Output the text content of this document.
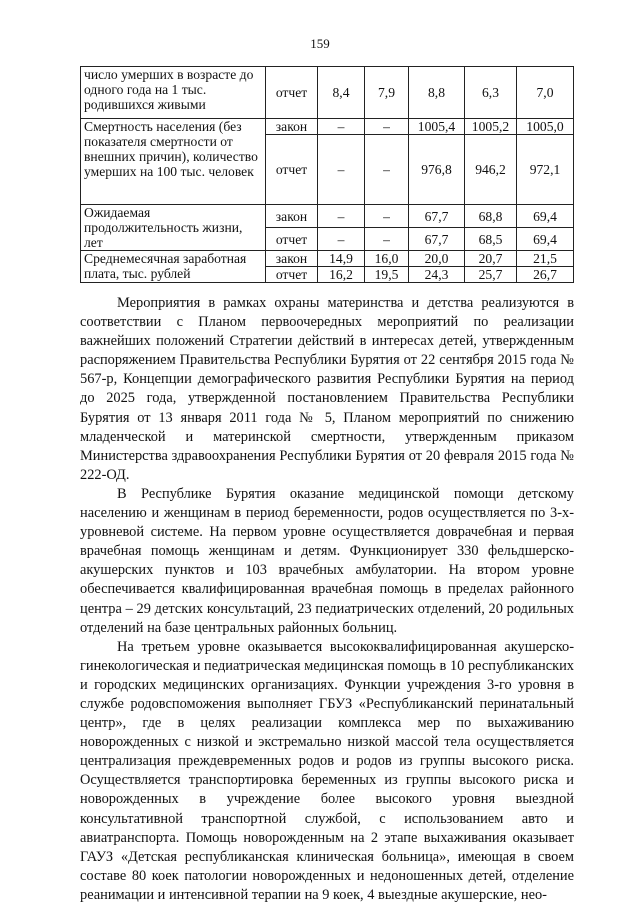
159
число умерших в возрасте до одного года на 1 тыс. родившихся живыми	отчет	8,4	7,9	8,8	6,3	7,0
Смертность населения (без показателя смертности от внешних причин), количество умерших на 100 тыс. человек	закон	–	–	1005,4	1005,2	1005,0
	отчет	–	–	976,8	946,2	972,1
Ожидаемая продолжительность жизни, лет	закон	–	–	67,7	68,8	69,4
	отчет	–	–	67,7	68,5	69,4
Среднемесячная заработная плата, тыс. рублей	закон	14,9	16,0	20,0	20,7	21,5
	отчет	16,2	19,5	24,3	25,7	26,7

Мероприятия в рамках охраны материнства и детства реализуются в соответствии с Планом первоочередных мероприятий по реализации важнейших положений Стратегии действий в интересах детей, утвержденным распоряжением Правительства Республики Бурятия от 22 сентября 2015 года № 567-р, Концепции демографического развития Республики Бурятия на период до 2025 года, утвержденной постановлением Правительства Республики Бурятия от 13 января 2011 года № 5, Планом мероприятий по снижению младенческой и материнской смертности, утвержденным приказом Министерства здравоохранения Республики Бурятия от 20 февраля 2015 года № 222-ОД.

В Республике Бурятия оказание медицинской помощи детскому населению и женщинам в период беременности, родов осуществляется по 3-х-уровневой системе. На первом уровне осуществляется доврачебная и первая врачебная помощь женщинам и детям. Функционирует 330 фельдшерско-акушерских пунктов и 103 врачебных амбулатории. На втором уровне обеспечивается квалифицированная врачебная помощь в пределах районного центра – 29 детских консультаций, 23 педиатрических отделений, 20 родильных отделений на базе центральных районных больниц.

На третьем уровне оказывается высококвалифицированная акушерско-гинекологическая и педиатрическая медицинская помощь в 10 республиканских и городских медицинских организациях. Функции учреждения 3-го уровня в службе родовспоможения выполняет ГБУЗ «Республиканский перинатальный центр», где в целях реализации комплекса мер по выхаживанию новорожденных с низкой и экстремально низкой массой тела осуществляется централизация преждевременных родов и родов из группы высокого риска. Осуществляется транспортировка беременных из группы высокого риска и новорожденных в учреждение более высокого уровня выездной консультативной транспортной службой, с использованием авто и авиатранспорта. Помощь новорожденным на 2 этапе выхаживания оказывает ГАУЗ «Детская республиканская клиническая больница», имеющая в своем составе 80 коек патологии новорожденных и недоношенных детей, отделение реанимации и интенсивной терапии на 9 коек, 4 выездные акушерские, нео-
